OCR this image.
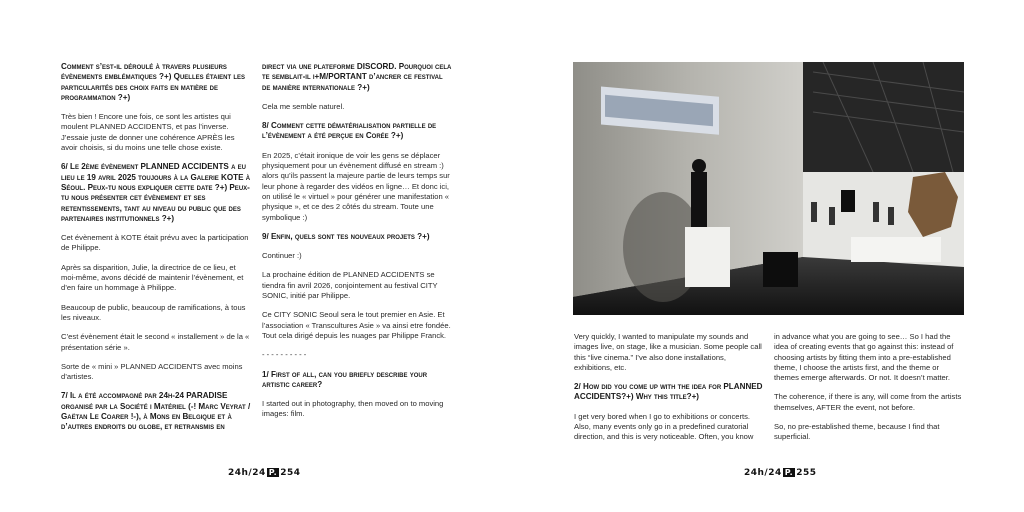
Comment s’est-il déroulé à travers plusieurs évènements emblématiques ?+) Quelles étaient les particularités des choix faits en matière de programmation ?+)

Très bien ! Encore une fois, ce sont les artistes qui moulent PLANNED ACCIDENTS, et pas l’inverse. J’essaie juste de donner une cohérence APRÈS les avoir choisis, si du moins une telle chose existe.

6/ Le 2ème évènement PLANNED ACCIDENTS a eu lieu le 19 avril 2025 toujours à la Galerie KOTE à Séoul. Peux-tu nous expliquer cette date ?+) Peux-tu nous présenter cet évènement et ses retentissements, tant au niveau du public que des partenaires institutionnels ?+)

Cet évènement à KOTE était prévu avec la participation de Philippe.

Après sa disparition, Julie, la directrice de ce lieu, et moi-même, avons décidé de maintenir l’évènement, et d’en faire un hommage à Philippe.

Beaucoup de public, beaucoup de ramifications, à tous les niveaux.

C’est évènement était le second « installement » de la « présentation série ».

Sorte de « mini » PLANNED ACCIDENTS avec moins d’artistes.

7/ Il a été accompagné par 24h-24 PARADISE organisé par la Société i Matériel (-! Marc Veyrat / Gaëtan Le Coarer !-), à Mons en Belgique et à d’autres endroits du globe, et retransmis en

direct via une plateforme DISCORD. Pourquoi cela te semblait-il i+M/PORTANT d’ancrer ce festival de manière internationale ?+)

Cela me semble naturel.

8/ Comment cette dématérialisation partielle de l’évènement a été perçue en Corée ?+)

En 2025, c’était ironique de voir les gens se déplacer physiquement pour un évènement diffusé en stream :) alors qu’ils passent la majeure partie de leurs temps sur leur phone à regarder des vidéos en ligne… Et donc ici, on utilisé le « virtuel » pour générer une manifestation « physique », et ce des 2 côtés du stream. Toute une symbolique :)

9/ Enfin, quels sont tes nouveaux projets ?+)

Continuer :)

La prochaine édition de PLANNED ACCIDENTS se tiendra fin avril 2026, conjointement au festival CITY SONIC, initié par Philippe.

Ce CITY SONIC Seoul sera le tout premier en Asie. Et l’association « Transcultures Asie » va ainsi etre fondée. Tout cela dirigé depuis les nuages par Philippe Franck.

- - - - - - - - - -

1/ First of all, can you briefly describe your artistic career?

I started out in photography, then moved on to moving images: film.

24h/24 P. 254

Very quickly, I wanted to manipulate my sounds and images live, on stage, like a musician. Some people call this “live cinema.” I’ve also done installations, exhibitions, etc.

2/ How did you come up with the idea for PLANNED ACCIDENTS?+) Why this title?+)

I get very bored when I go to exhibitions or concerts. Also, many events only go in a predefined curatorial direction, and this is very noticeable. Often, you know

in advance what you are going to see… So I had the idea of creating events that go against this: instead of choosing artists by fitting them into a pre-established theme, I choose the artists first, and the theme or themes emerge afterwards. Or not. It doesn’t matter.

The coherence, if there is any, will come from the artists themselves, AFTER the event, not before.

So, no pre-established theme, because I find that superficial.

24h/24 P. 255
